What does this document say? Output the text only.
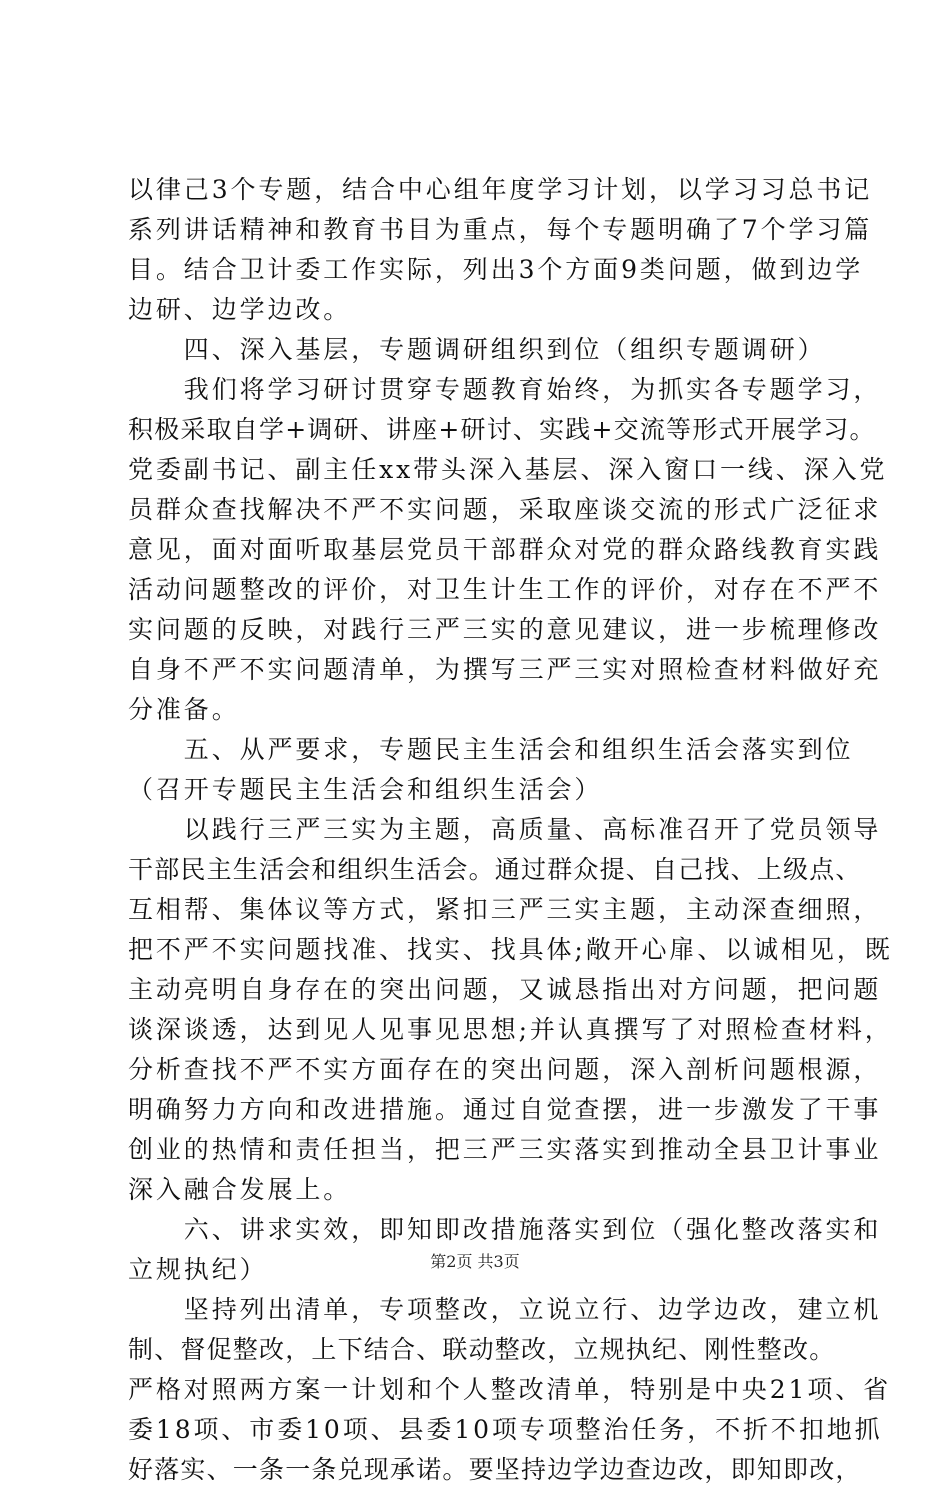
以律己3个专题，结合中心组年度学习计划，以学习习总书记
系列讲话精神和教育书目为重点，每个专题明确了7个学习篇
目。结合卫计委工作实际，列出3个方面9类问题，做到边学
边研、边学边改。
　　四、深入基层，专题调研组织到位（组织专题调研）
　　我们将学习研讨贯穿专题教育始终，为抓实各专题学习，
积极采取自学+调研、讲座+研讨、实践+交流等形式开展学习。
党委副书记、副主任xx带头深入基层、深入窗口一线、深入党
员群众查找解决不严不实问题，采取座谈交流的形式广泛征求
意见，面对面听取基层党员干部群众对党的群众路线教育实践
活动问题整改的评价，对卫生计生工作的评价，对存在不严不
实问题的反映，对践行三严三实的意见建议，进一步梳理修改
自身不严不实问题清单，为撰写三严三实对照检查材料做好充
分准备。
　　五、从严要求，专题民主生活会和组织生活会落实到位
（召开专题民主生活会和组织生活会）
　　以践行三严三实为主题，高质量、高标准召开了党员领导
干部民主生活会和组织生活会。通过群众提、自己找、上级点、
互相帮、集体议等方式，紧扣三严三实主题，主动深查细照，
把不严不实问题找准、找实、找具体;敞开心扉、以诚相见，既
主动亮明自身存在的突出问题，又诚恳指出对方问题，把问题
谈深谈透，达到见人见事见思想;并认真撰写了对照检查材料，
分析查找不严不实方面存在的突出问题，深入剖析问题根源，
明确努力方向和改进措施。通过自觉查摆，进一步激发了干事
创业的热情和责任担当，把三严三实落实到推动全县卫计事业
深入融合发展上。
　　六、讲求实效，即知即改措施落实到位（强化整改落实和
立规执纪）
　　坚持列出清单，专项整改，立说立行、边学边改，建立机
制、督促整改，上下结合、联动整改，立规执纪、刚性整改。
严格对照两方案一计划和个人整改清单，特别是中央21项、省
委18项、市委10项、县委10项专项整治任务，不折不扣地抓
好落实、一条一条兑现承诺。要坚持边学边查边改，即知即改，
第2页 共3页
